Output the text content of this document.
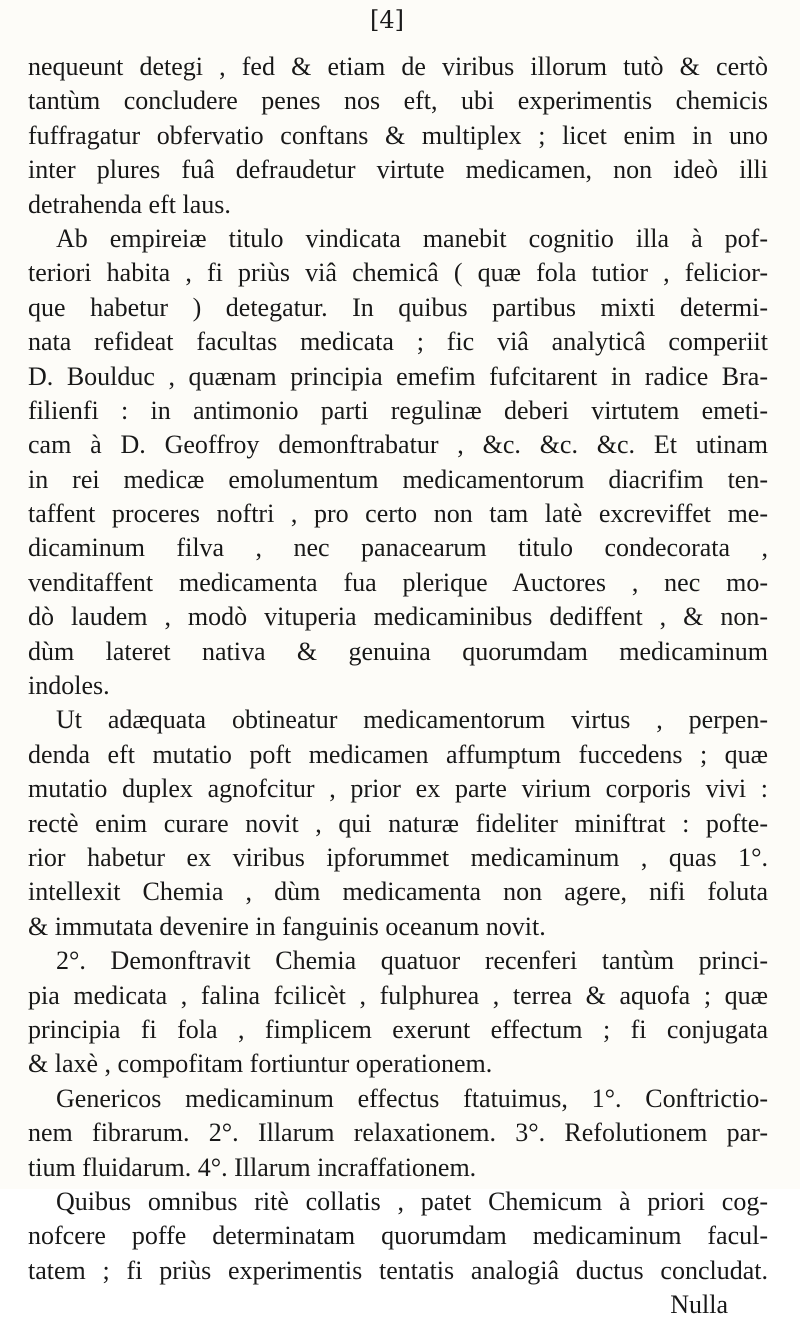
[4]
nequeunt detegi , fed & etiam de viribus illorum tutò & certò
tantùm concludere penes nos eft, ubi experimentis chemicis
fuffragatur obfervatio conftans & multiplex ; licet enim in uno
inter plures fuâ defraudetur virtute medicamen, non ideò illi
detrahenda eft laus.
Ab empireiæ titulo vindicata manebit cognitio illa à pof-
teriori habita , fi priùs viâ chemicâ ( quæ fola tutior , felicior-
que habetur ) detegatur. In quibus partibus mixti determi-
nata refideat facultas medicata ; fic viâ analyticâ comperiit
D. Boulduc , quænam principia emefim fufcitarent in radice Bra-
filienfi : in antimonio parti regulinæ deberi virtutem emeti-
cam à D. Geoffroy demonftrabatur , &c. &c. &c. Et utinam
in rei medicæ emolumentum medicamentorum diacrifim ten-
taffent proceres noftri , pro certo non tam latè excreviffet me-
dicaminum filva , nec panacearum titulo condecorata ,
venditaffent medicamenta fua plerique Auctores , nec mo-
dò laudem , modò vituperia medicaminibus dediffent , & non-
dùm lateret nativa & genuina quorumdam medicaminum
indoles.
Ut adæquata obtineatur medicamentorum virtus , perpen-
denda eft mutatio poft medicamen affumptum fuccedens ; quæ
mutatio duplex agnofcitur , prior ex parte virium corporis vivi :
rectè enim curare novit , qui naturæ fideliter miniftrat : pofte-
rior habetur ex viribus ipforummet medicaminum , quas 1°.
intellexit Chemia , dùm medicamenta non agere, nifi foluta
& immutata devenire in fanguinis oceanum novit.
2°. Demonftravit Chemia quatuor recenferi tantùm princi-
pia medicata , falina fcilicèt , fulphurea , terrea & aquofa ; quæ
principia fi fola , fimplicem exerunt effectum ; fi conjugata
& laxè , compofitam fortiuntur operationem.
Genericos medicaminum effectus ftatuimus, 1°. Conftrictio-
nem fibrarum. 2°. Illarum relaxationem. 3°. Refolutionem par-
tium fluidarum. 4°. Illarum incraffationem.
Quibus omnibus ritè collatis , patet Chemicum à priori cog-
nofcere poffe determinatam quorumdam medicaminum facul-
tatem ; fi priùs experimentis tentatis analogiâ ductus concludat.
Nulla
